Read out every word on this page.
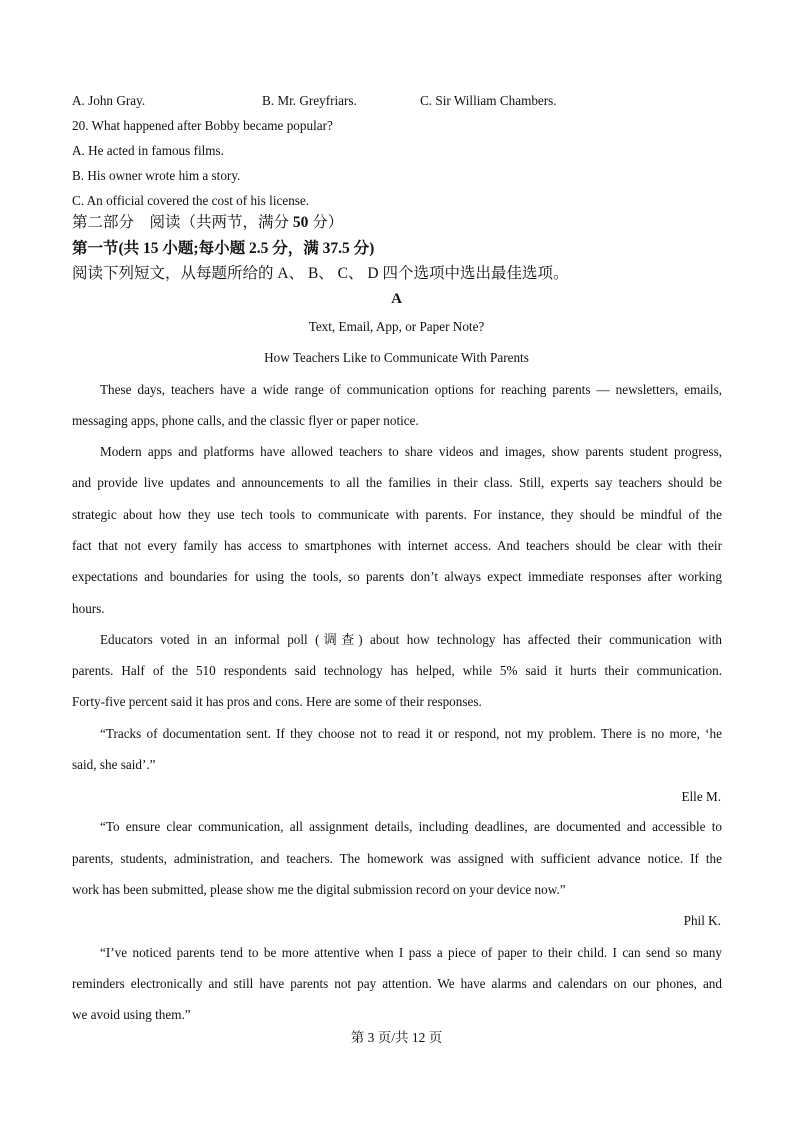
A. John Gray.	B. Mr. Greyfriars.	C. Sir William Chambers.
20. What happened after Bobby became popular?
A. He acted in famous films.
B. His owner wrote him a story.
C. An official covered the cost of his license.
第二部分　阅读（共两节，满分 50 分）
第一节(共 15 小题;每小题 2.5 分，满 37.5 分)
阅读下列短文，从每题所给的 A、 B、 C、 D 四个选项中选出最佳选项。
A
Text, Email, App, or Paper Note?
How Teachers Like to Communicate With Parents
These days, teachers have a wide range of communication options for reaching parents — newsletters, emails,
messaging apps, phone calls, and the classic flyer or paper notice.
Modern apps and platforms have allowed teachers to share videos and images, show parents student progress,
and provide live updates and announcements to all the families in their class. Still, experts say teachers should be
strategic about how they use tech tools to communicate with parents. For instance, they should be mindful of the
fact that not every family has access to smartphones with internet access. And teachers should be clear with their
expectations and boundaries for using the tools, so parents don’t always expect immediate responses after working
hours.
Educators voted in an informal poll (调查) about how technology has affected their communication with
parents. Half of the 510 respondents said technology has helped, while 5% said it hurts their communication.
Forty-five percent said it has pros and cons. Here are some of their responses.
“Tracks of documentation sent. If they choose not to read it or respond, not my problem. There is no more, ‘he
said, she said’.”
Elle M.
“To ensure clear communication, all assignment details, including deadlines, are documented and accessible to
parents, students, administration, and teachers. The homework was assigned with sufficient advance notice. If the
work has been submitted, please show me the digital submission record on your device now.”
Phil K.
“I’ve noticed parents tend to be more attentive when I pass a piece of paper to their child. I can send so many
reminders electronically and still have parents not pay attention. We have alarms and calendars on our phones, and
we avoid using them.”
第 3 页/共 12 页
